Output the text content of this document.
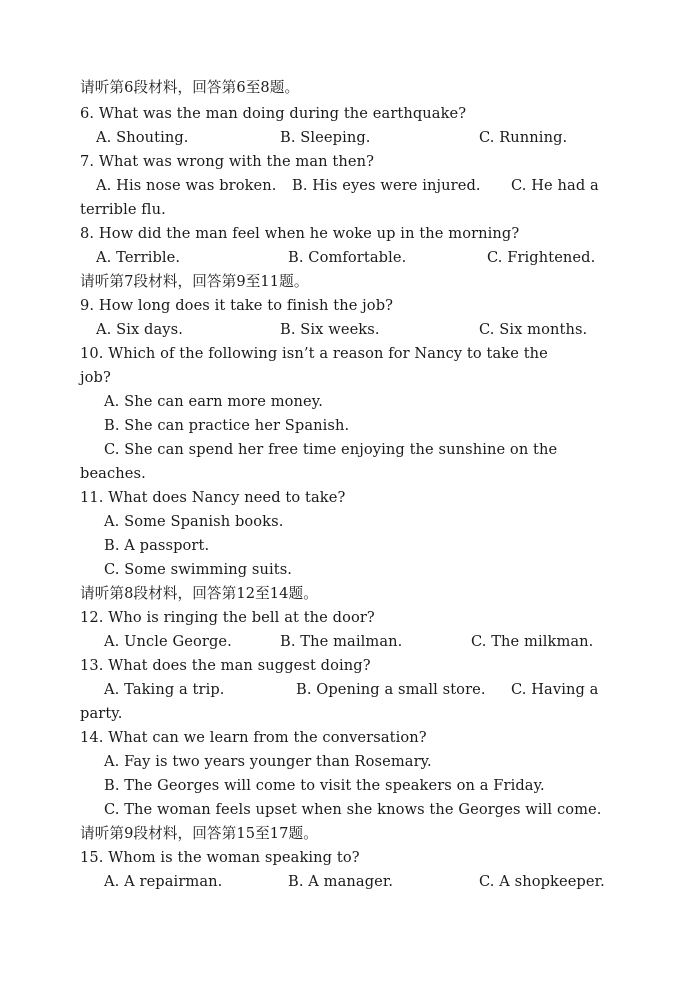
请听第6段材料，回答第6至8题。
6. What was the man doing during the earthquake?
A. Shouting.	B. Sleeping.	C. Running.
7. What was wrong with the man then?
A. His nose was broken. B. His eyes were injured. C. He had a
terrible flu.
8. How did the man feel when he woke up in the morning?
A. Terrible.	B. Comfortable.	C. Frightened.
请听第7段材料，回答第9至11题。
9. How long does it take to finish the job?
A. Six days.	B. Six weeks.	C. Six months.
10. Which of the following isn’t a reason for Nancy to take the
job?
A. She can earn more money.
B. She can practice her Spanish.
C. She can spend her free time enjoying the sunshine on the
beaches.
11. What does Nancy need to take?
A. Some Spanish books.
B. A passport.
C. Some swimming suits.
请听第8段材料，回答第12至14题。
12. Who is ringing the bell at the door?
A. Uncle George.	B. The mailman.	C. The milkman.
13. What does the man suggest doing?
A. Taking a trip.	B. Opening a small store. C. Having a
party.
14. What can we learn from the conversation?
A. Fay is two years younger than Rosemary.
B. The Georges will come to visit the speakers on a Friday.
C. The woman feels upset when she knows the Georges will come.
请听第9段材料，回答第15至17题。
15. Whom is the woman speaking to?
A. A repairman.	B. A manager.	C. A shopkeeper.
